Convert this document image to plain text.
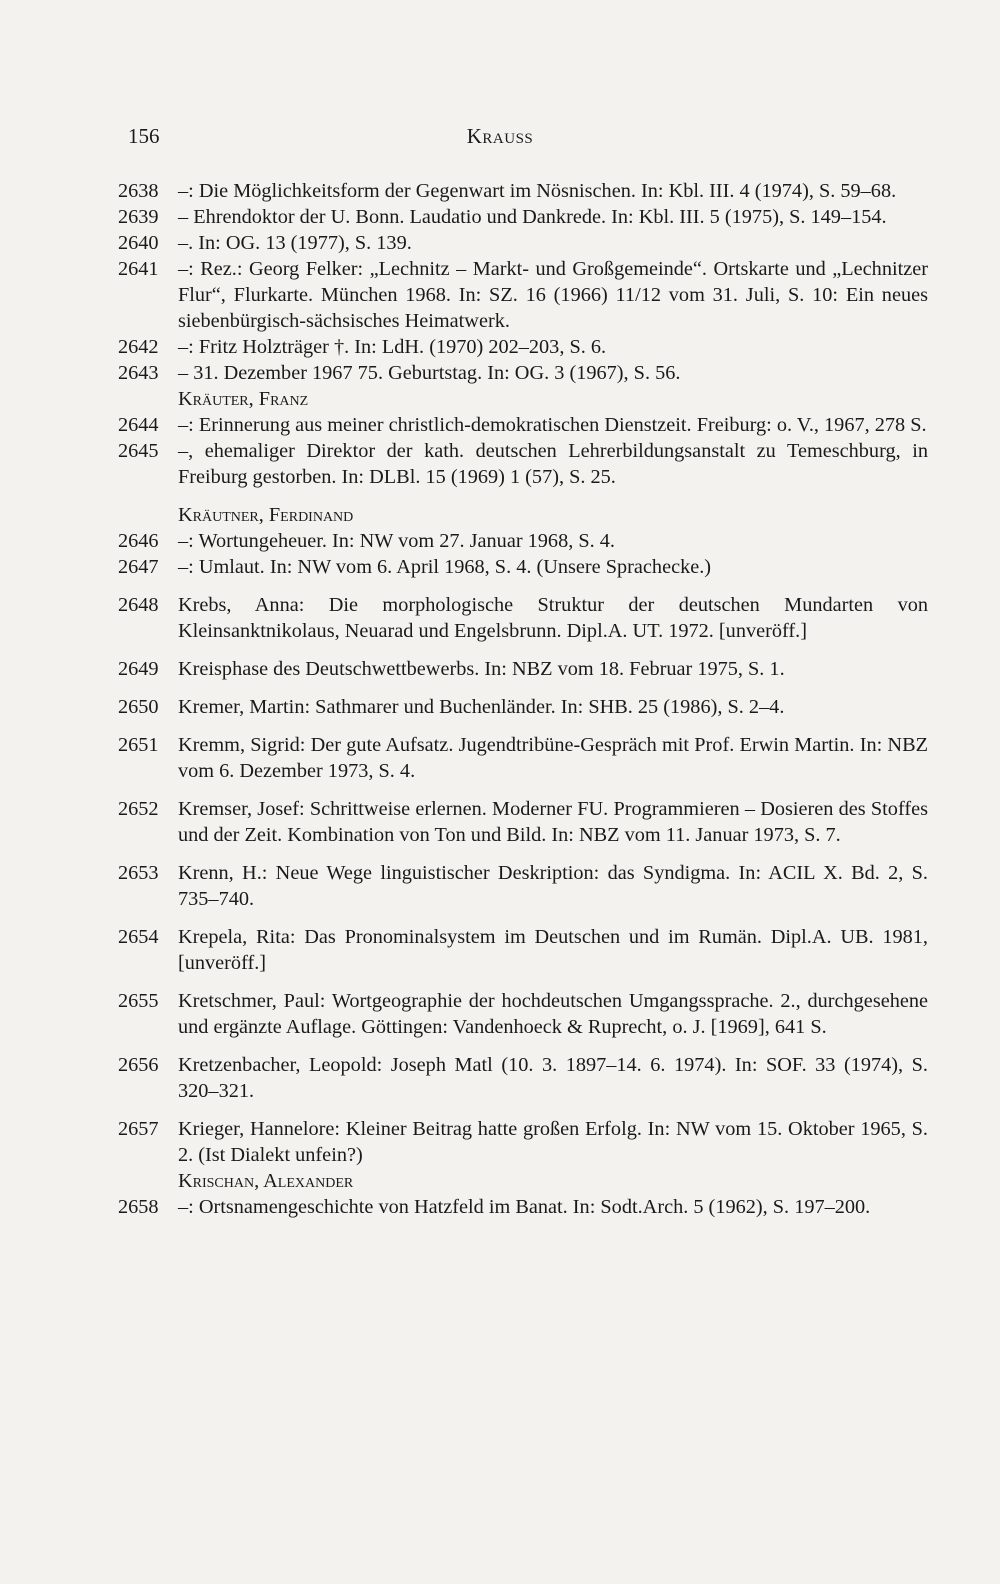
156	Krauss
2638 –: Die Möglichkeitsform der Gegenwart im Nösnischen. In: Kbl. III. 4 (1974), S. 59–68.
2639 – Ehrendoktor der U. Bonn. Laudatio und Dankrede. In: Kbl. III. 5 (1975), S. 149–154.
2640 –. In: OG. 13 (1977), S. 139.
2641 –: Rez.: Georg Felker: „Lechnitz – Markt- und Großgemeinde“. Ortskarte und „Lechnitzer Flur“, Flurkarte. München 1968. In: SZ. 16 (1966) 11/12 vom 31. Juli, S. 10: Ein neues siebenbürgisch-sächsisches Heimatwerk.
2642 –: Fritz Holzträger †. In: LdH. (1970) 202–203, S. 6.
2643 – 31. Dezember 1967 75. Geburtstag. In: OG. 3 (1967), S. 56.
Kräuter, Franz
2644 –: Erinnerung aus meiner christlich-demokratischen Dienstzeit. Freiburg: o. V., 1967, 278 S.
2645 –, ehemaliger Direktor der kath. deutschen Lehrerbildungsanstalt zu Temeschburg, in Freiburg gestorben. In: DLBl. 15 (1969) 1 (57), S. 25.
Kräutner, Ferdinand
2646 –: Wortungeheuer. In: NW vom 27. Januar 1968, S. 4.
2647 –: Umlaut. In: NW vom 6. April 1968, S. 4. (Unsere Sprachecke.)
2648 Krebs, Anna: Die morphologische Struktur der deutschen Mundarten von Kleinsanktnikolaus, Neuarad und Engelsbrunn. Dipl.A. UT. 1972. [unveröff.]
2649 Kreisphase des Deutschwettbewerbs. In: NBZ vom 18. Februar 1975, S. 1.
2650 Kremer, Martin: Sathmarer und Buchenländer. In: SHB. 25 (1986), S. 2–4.
2651 Kremm, Sigrid: Der gute Aufsatz. Jugendtribüne-Gespräch mit Prof. Erwin Martin. In: NBZ vom 6. Dezember 1973, S. 4.
2652 Kremser, Josef: Schrittweise erlernen. Moderner FU. Programmieren – Dosieren des Stoffes und der Zeit. Kombination von Ton und Bild. In: NBZ vom 11. Januar 1973, S. 7.
2653 Krenn, H.: Neue Wege linguistischer Deskription: das Syndigma. In: ACIL X. Bd. 2, S. 735–740.
2654 Krepela, Rita: Das Pronominalsystem im Deutschen und im Rumän. Dipl.A. UB. 1981, [unveröff.]
2655 Kretschmer, Paul: Wortgeographie der hochdeutschen Umgangssprache. 2., durchgesehene und ergänzte Auflage. Göttingen: Vandenhoeck & Ruprecht, o. J. [1969], 641 S.
2656 Kretzenbacher, Leopold: Joseph Matl (10. 3. 1897–14. 6. 1974). In: SOF. 33 (1974), S. 320–321.
2657 Krieger, Hannelore: Kleiner Beitrag hatte großen Erfolg. In: NW vom 15. Oktober 1965, S. 2. (Ist Dialekt unfein?)
Krischan, Alexander
2658 –: Ortsnamengeschichte von Hatzfeld im Banat. In: Sodt.Arch. 5 (1962), S. 197–200.
